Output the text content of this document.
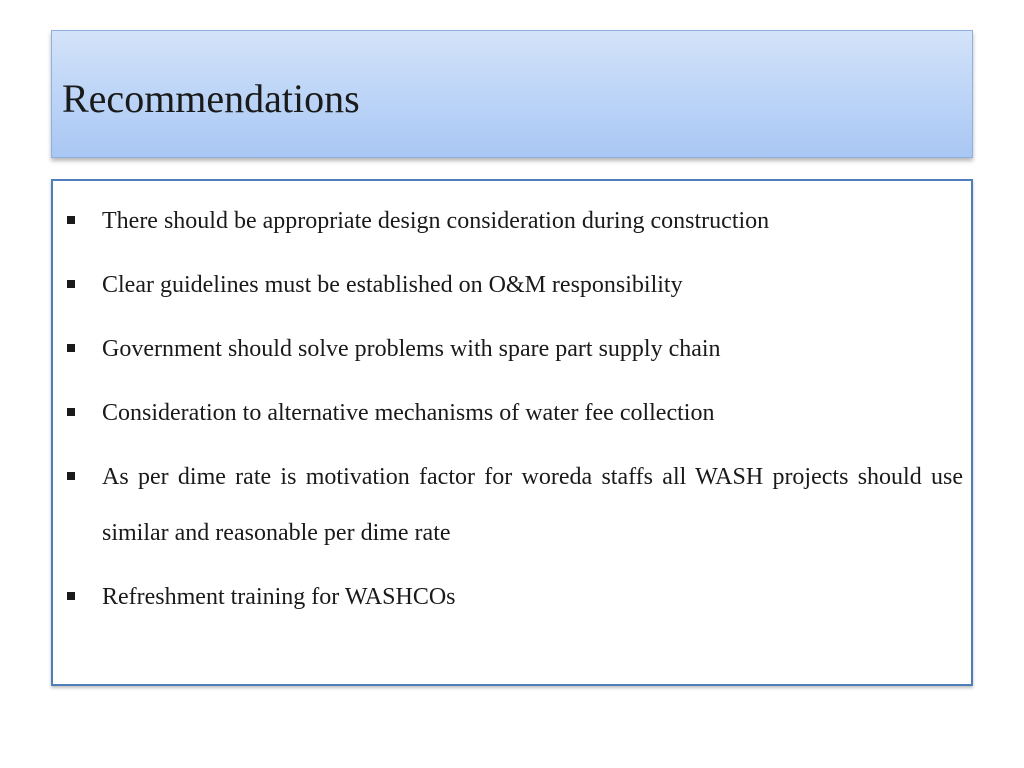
Recommendations
There should be appropriate design consideration during construction
Clear guidelines must be established on O&M responsibility
Government should solve problems with spare part supply chain
Consideration to alternative mechanisms of water fee collection
As per dime rate is motivation factor for woreda staffs all WASH projects should use similar and reasonable per dime rate
Refreshment training for WASHCOs
